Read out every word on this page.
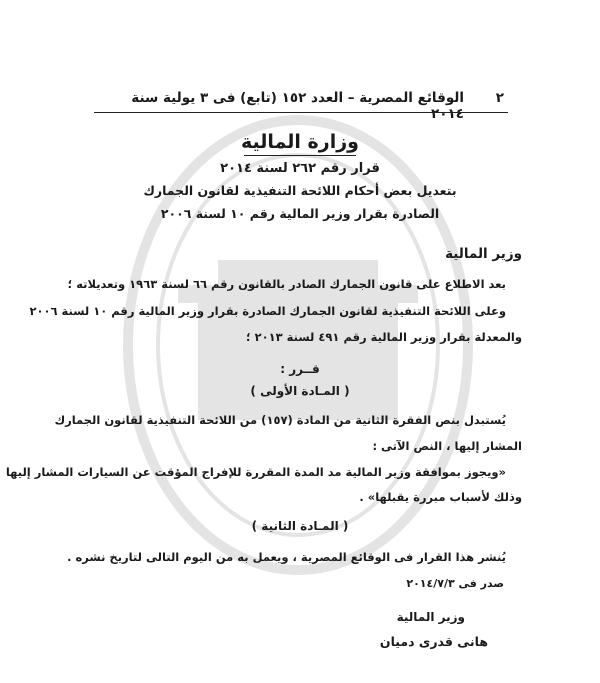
٢
الوقائع المصرية – العدد ١٥٢ (تابع) فى ٣ يولية سنة ٢٠١٤
وزارة المالية
قرار رقم ٢٦٢ لسنة ٢٠١٤
بتعديل بعض أحكام اللائحة التنفيذية لقانون الجمارك
الصادرة بقرار وزير المالية رقم ١٠ لسنة ٢٠٠٦
وزير المالية
بعد الاطلاع على قانون الجمارك الصادر بالقانون رقم ٦٦ لسنة ١٩٦٣ وتعديلاته ؛
وعلى اللائحة التنفيذية لقانون الجمارك الصادرة بقرار وزير المالية رقم ١٠ لسنة ٢٠٠٦
والمعدلة بقرار وزير المالية رقم ٤٩١ لسنة ٢٠١٣ ؛
قــرر :
( المـادة الأولى )
يُستبدل بنص الفقرة الثانية من المادة (١٥٧) من اللائحة التنفيذية لقانون الجمارك
المشار إليها ، النص الآتى :
«ويجوز بموافقة وزير المالية مد المدة المقررة للإفراج المؤقت عن السيارات المشار إليها
وذلك لأسباب مبررة يقبلها» .
( المـادة الثانية )
يُنشر هذا القرار فى الوقائع المصرية ، ويعمل به من اليوم التالى لتاريخ نشره .
صدر فى ٢٠١٤/٧/٣
وزير المالية
هانى قدرى دميان
